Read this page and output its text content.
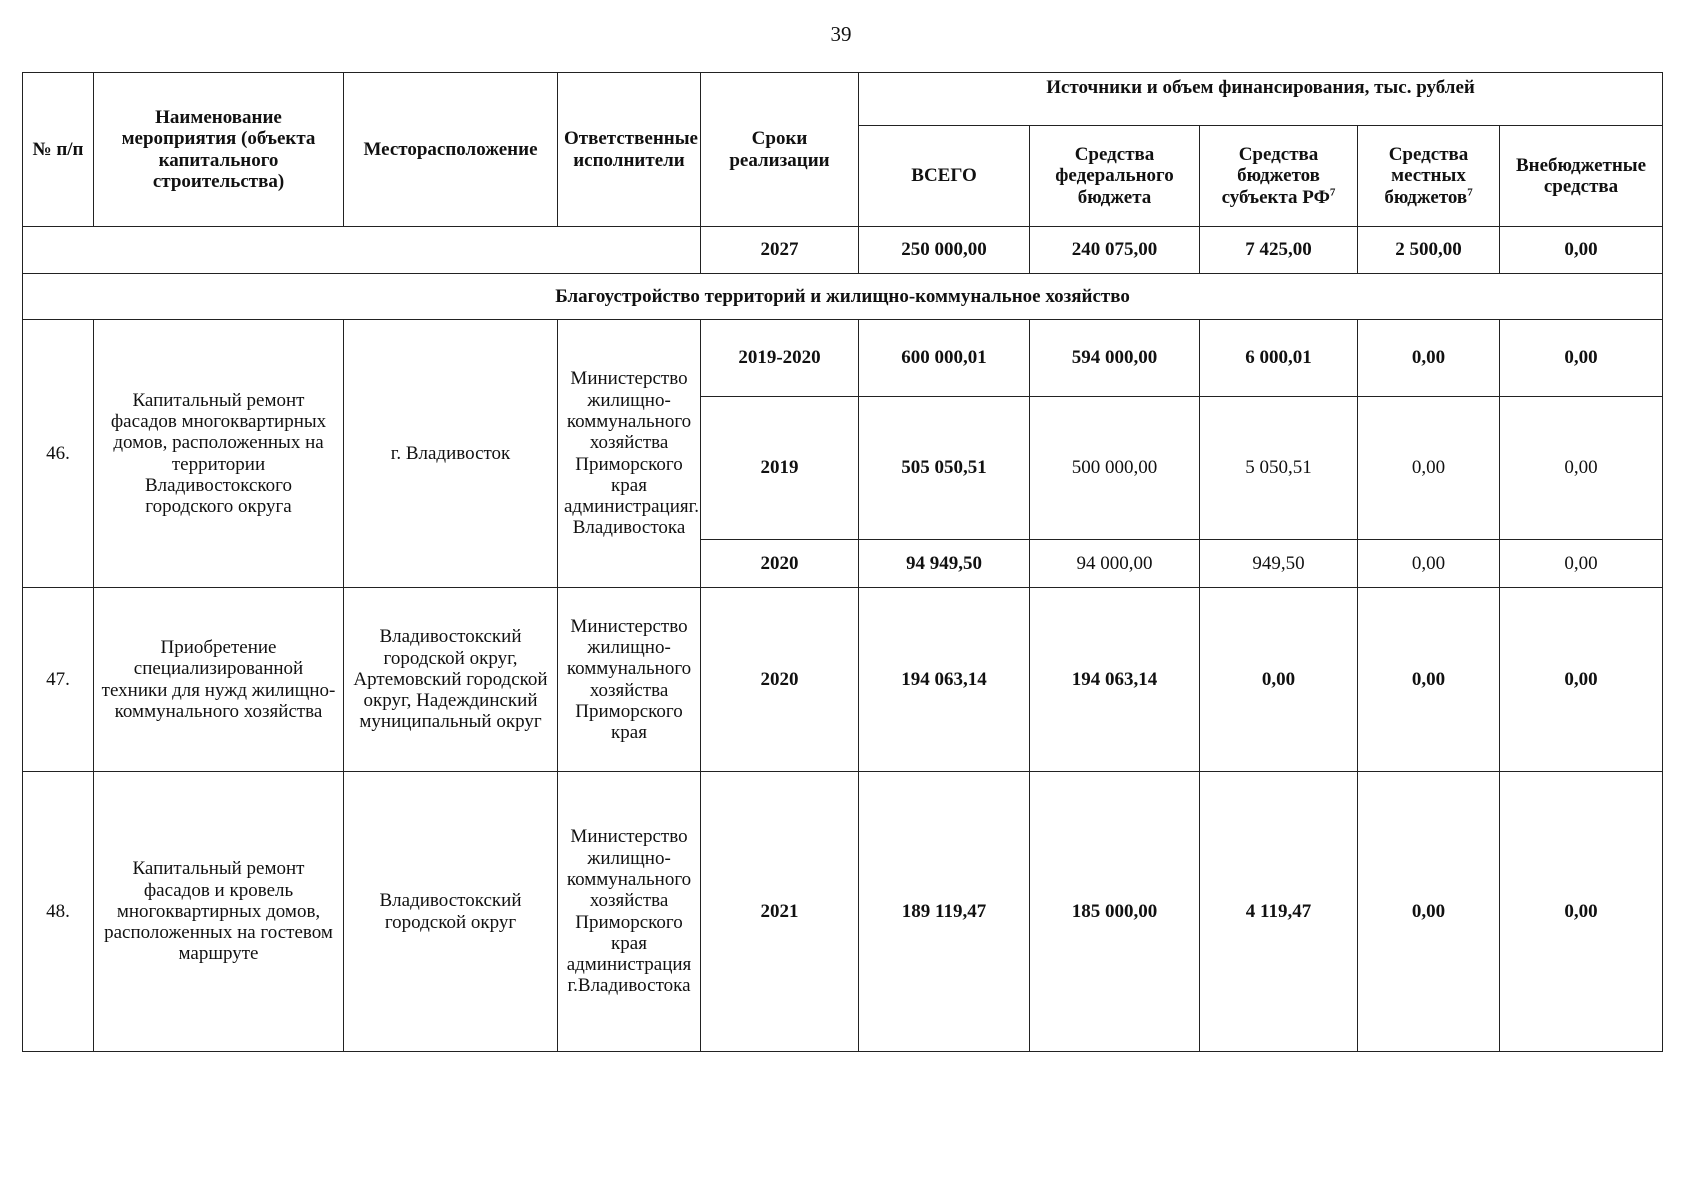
39
№ п/п	Наименование мероприятия (объекта капитального строительства)	Месторасположение	Ответственные исполнители	Сроки реализации	Источники и объем финансирования, тыс. рублей				
					ВСЕГО	Средства федерального бюджета	Средства бюджетов субъекта $РФ^7$	Средства местных бюджетов$^7$	Внебюджетные средства
				2027	250 000,00	240 075,00	7 425,00	2 500,00	0,00
Благоустройство территорий и жилищно-коммунальное хозяйство									
46.	Капитальный ремонт фасадов многоквартирных домов, расположенных на территории Владивостокского городского округа	г. Владивосток	Министерство жилищно-коммунального хозяйства Приморского края администрацияг. Владивостока	2019-2020	600 000,01	594 000,00	6 000,01	0,00	0,00
				2019	505 050,51	500 000,00	5 050,51	0,00	0,00
				2020	94 949,50	94 000,00	949,50	0,00	0,00
47.	Приобретение специализированной техники для нужд жилищно-коммунального хозяйства	Владивостокский городской округ, Артемовский городской округ, Надеждинский муниципальный округ	Министерство жилищно-коммунального хозяйства Приморского края	2020	194 063,14	194 063,14	0,00	0,00	0,00
48.	Капитальный ремонт фасадов и кровель многоквартирных домов, расположенных на гостевом маршруте	Владивостокский городской округ	Министерство жилищно-коммунального хозяйства Приморского края администрация г.Владивостока	2021	189 119,47	185 000,00	4 119,47	0,00	0,00
